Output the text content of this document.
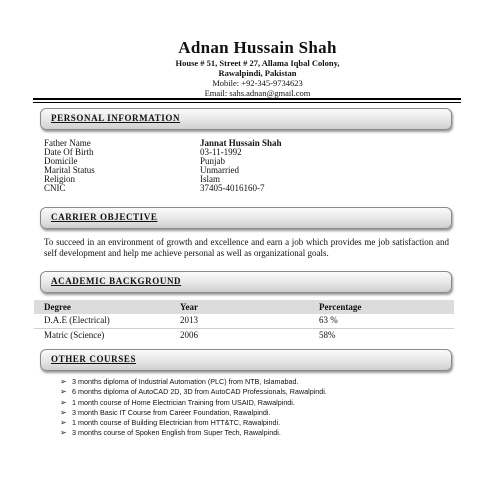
Adnan Hussain Shah
House # 51, Street # 27, Allama Iqbal Colony,
Rawalpindi, Pakistan
Mobile: +92-345-9734623
Email: sahs.adnan@gmail.com
PERSONAL INFORMATION
Father Name	Jannat Hussain Shah
Date Of Birth	03-11-1992
Domicile	Punjab
Marital Status	Unmarried
Religion	Islam
CNIC	37405-4016160-7
CARRIER OBJECTIVE
To succeed in an environment of growth and excellence and earn a job which provides me job satisfaction and self development and help me achieve personal as well as organizational goals.
ACADEMIC BACKGROUND
Degree	Year	Percentage
D.A.E (Electrical)	2013	63 %
Matric (Science)	2006	58%
OTHER COURSES
➢ 3 months diploma of Industrial Automation (PLC) from NTB, Islamabad.
➢ 6 months diploma of AutoCAD 2D, 3D from AutoCAD Professionals, Rawalpindi.
➢ 1 month course of Home Electrician Training from USAID, Rawalpindi.
➢ 3 month Basic IT Course from Career Foundation, Rawalpindi.
➢ 1 month course of Building Electrician from HTT&TC, Rawalpindi.
➢ 3 months course of Spoken English from Super Tech, Rawalpindi.
